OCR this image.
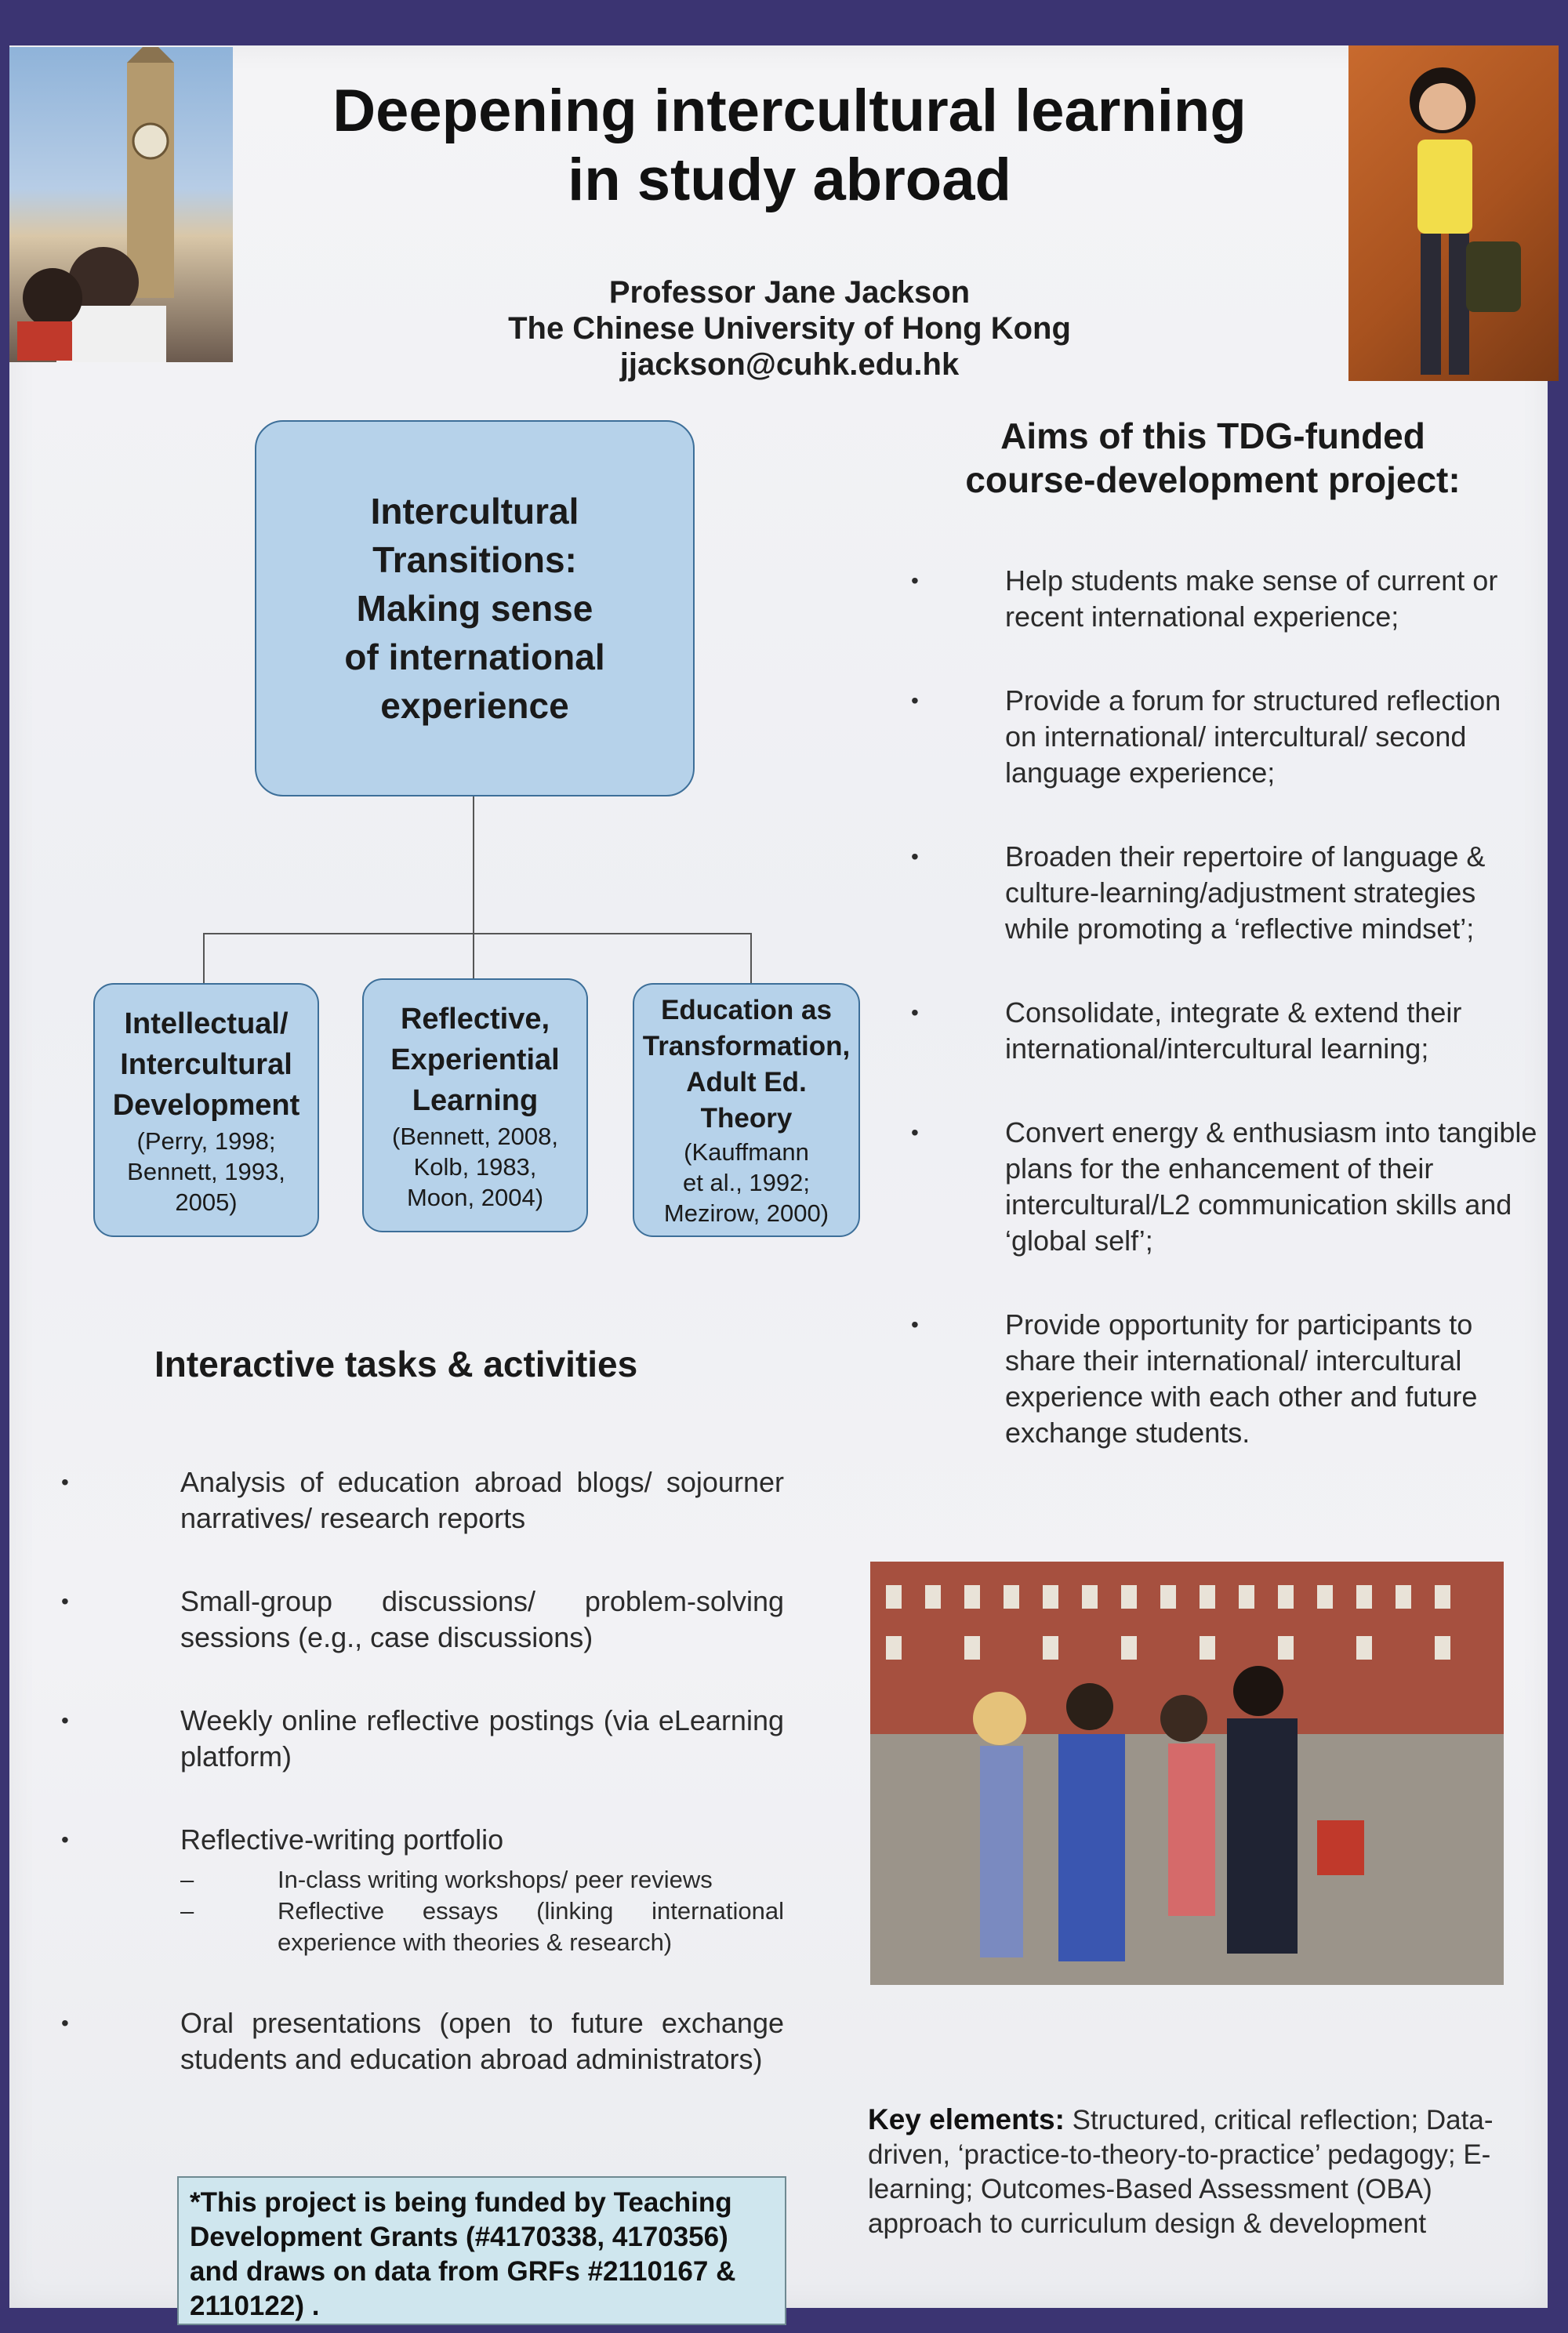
Deepening intercultural learning
in study abroad
Professor Jane Jackson
The Chinese University of Hong Kong
jjackson@cuhk.edu.hk
Intercultural
Transitions:
Making sense
of international
experience
Intellectual/
Intercultural
Development
(Perry, 1998;
Bennett, 1993,
2005)
Reflective,
Experiential
Learning
(Bennett, 2008,
Kolb, 1983,
Moon, 2004)
Education as
Transformation,
Adult Ed.
Theory
(Kauffmann
et al., 1992;
Mezirow, 2000)
Aims of this TDG-funded
course-development project:
• Help students make sense of current or recent international experience;
• Provide a forum for structured reflection on international/ intercultural/ second language experience;
• Broaden their repertoire of language & culture-learning/adjustment strategies while promoting a ‘reflective mindset’;
• Consolidate, integrate & extend their international/intercultural learning;
• Convert energy & enthusiasm into tangible plans for the enhancement of their intercultural/L2 communication skills and ‘global self’;
• Provide opportunity for participants to share their international/ intercultural experience with each other and future exchange students.
Interactive tasks & activities
• Analysis of education abroad blogs/ sojourner narratives/ research reports
• Small-group discussions/ problem-solving sessions (e.g., case discussions)
• Weekly online reflective postings (via eLearning platform)
• Reflective-writing portfolio
– In-class writing workshops/ peer reviews
– Reflective essays (linking international experience with theories & research)
• Oral presentations (open to future exchange students and education abroad administrators)
*This project is being funded by Teaching Development Grants (#4170338, 4170356) and draws on data from GRFs #2110167 & 2110122) .
Key elements: Structured, critical reflection; Data-driven, ‘practice-to-theory-to-practice’ pedagogy; E-learning; Outcomes-Based Assessment (OBA) approach to curriculum design & development
